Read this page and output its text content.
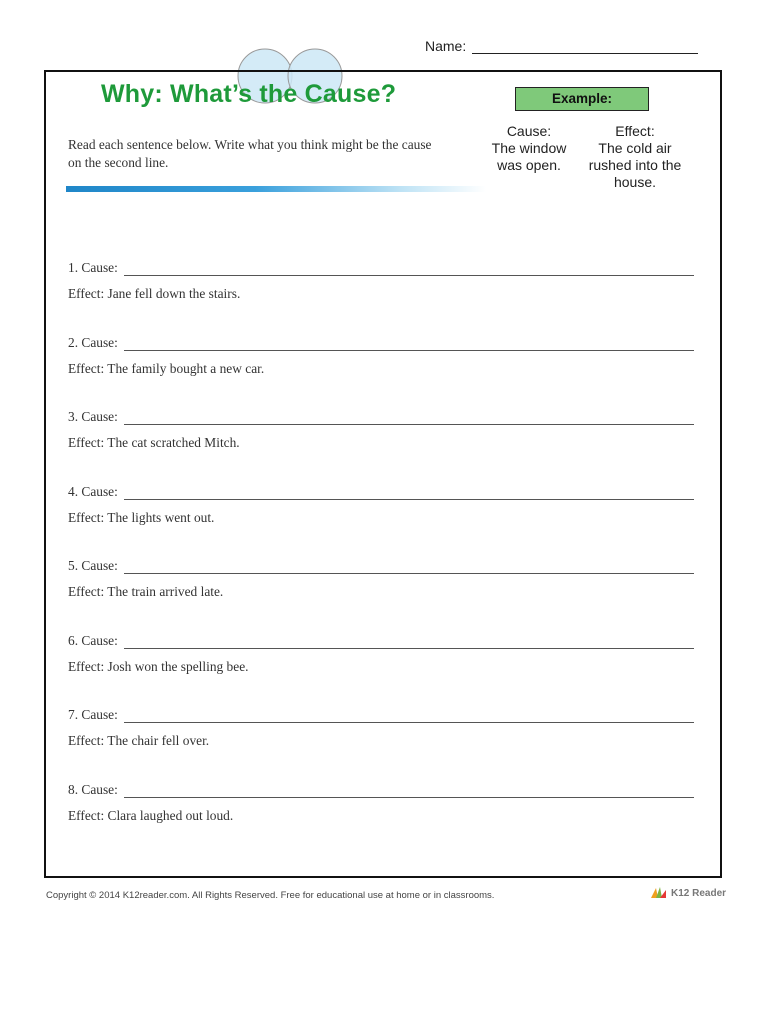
Name:
Why: What’s the Cause?
Read each sentence below. Write what you think might be the cause on the second line.
Example:
Cause:
The window was open.
Effect:
The cold air rushed into the house.
1. Cause:
Effect: Jane fell down the stairs.
2. Cause:
Effect: The family bought a new car.
3. Cause:
Effect: The cat scratched Mitch.
4. Cause:
Effect: The lights went out.
5. Cause:
Effect: The train arrived late.
6. Cause:
Effect: Josh won the spelling bee.
7. Cause:
Effect: The chair fell over.
8. Cause:
Effect: Clara laughed out loud.
Copyright © 2014 K12reader.com. All Rights Reserved. Free for educational use at home or in classrooms.	K12 Reader
